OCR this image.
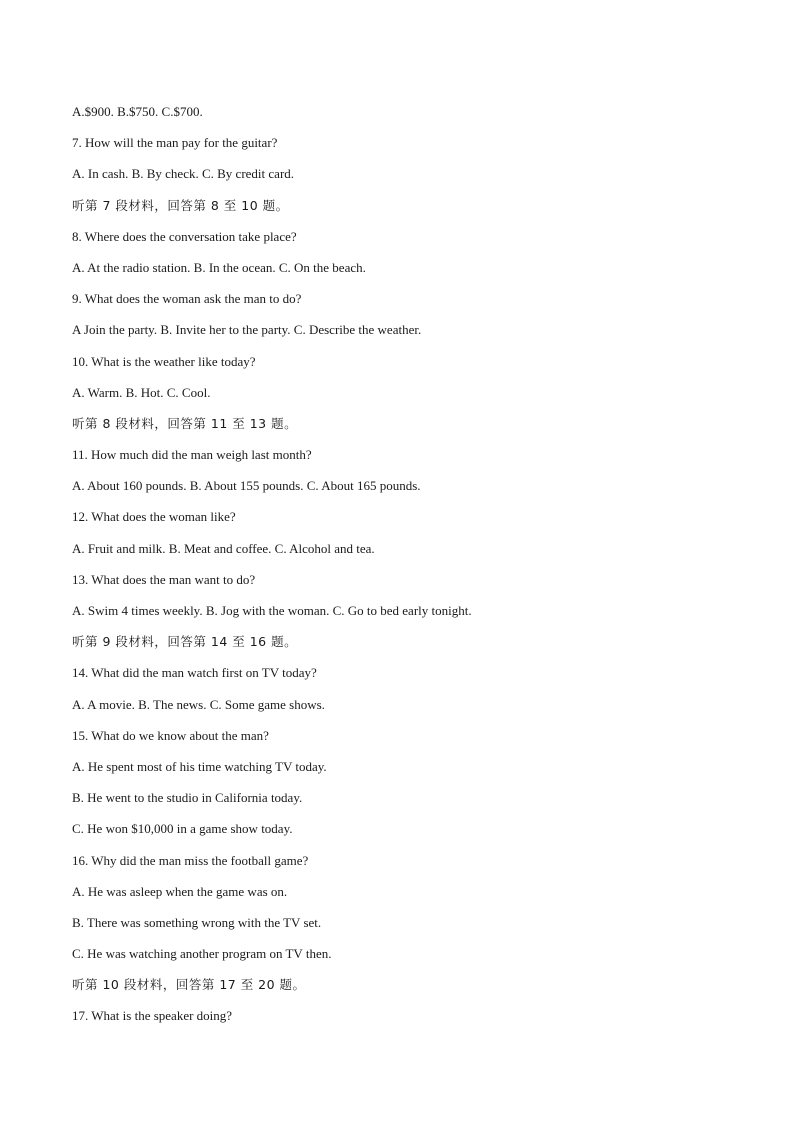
A.$900. B.$750. C.$700.
7. How will the man pay for the guitar?
A. In cash. B. By check. C. By credit card.
听第 7 段材料，回答第 8 至 10 题。
8. Where does the conversation take place?
A. At the radio station. B. In the ocean. C. On the beach.
9. What does the woman ask the man to do?
A Join the party. B. Invite her to the party. C. Describe the weather.
10. What is the weather like today?
A. Warm. B. Hot. C. Cool.
听第 8 段材料，回答第 11 至 13 题。
11. How much did the man weigh last month?
A. About 160 pounds. B. About 155 pounds. C. About 165 pounds.
12. What does the woman like?
A. Fruit and milk. B. Meat and coffee. C. Alcohol and tea.
13. What does the man want to do?
A. Swim 4 times weekly. B. Jog with the woman. C. Go to bed early tonight.
听第 9 段材料，回答第 14 至 16 题。
14. What did the man watch first on TV today?
A. A movie. B. The news. C. Some game shows.
15. What do we know about the man?
A. He spent most of his time watching TV today.
B. He went to the studio in California today.
C. He won $10,000 in a game show today.
16. Why did the man miss the football game?
A. He was asleep when the game was on.
B. There was something wrong with the TV set.
C. He was watching another program on TV then.
听第 10 段材料，回答第 17 至 20 题。
17. What is the speaker doing?
